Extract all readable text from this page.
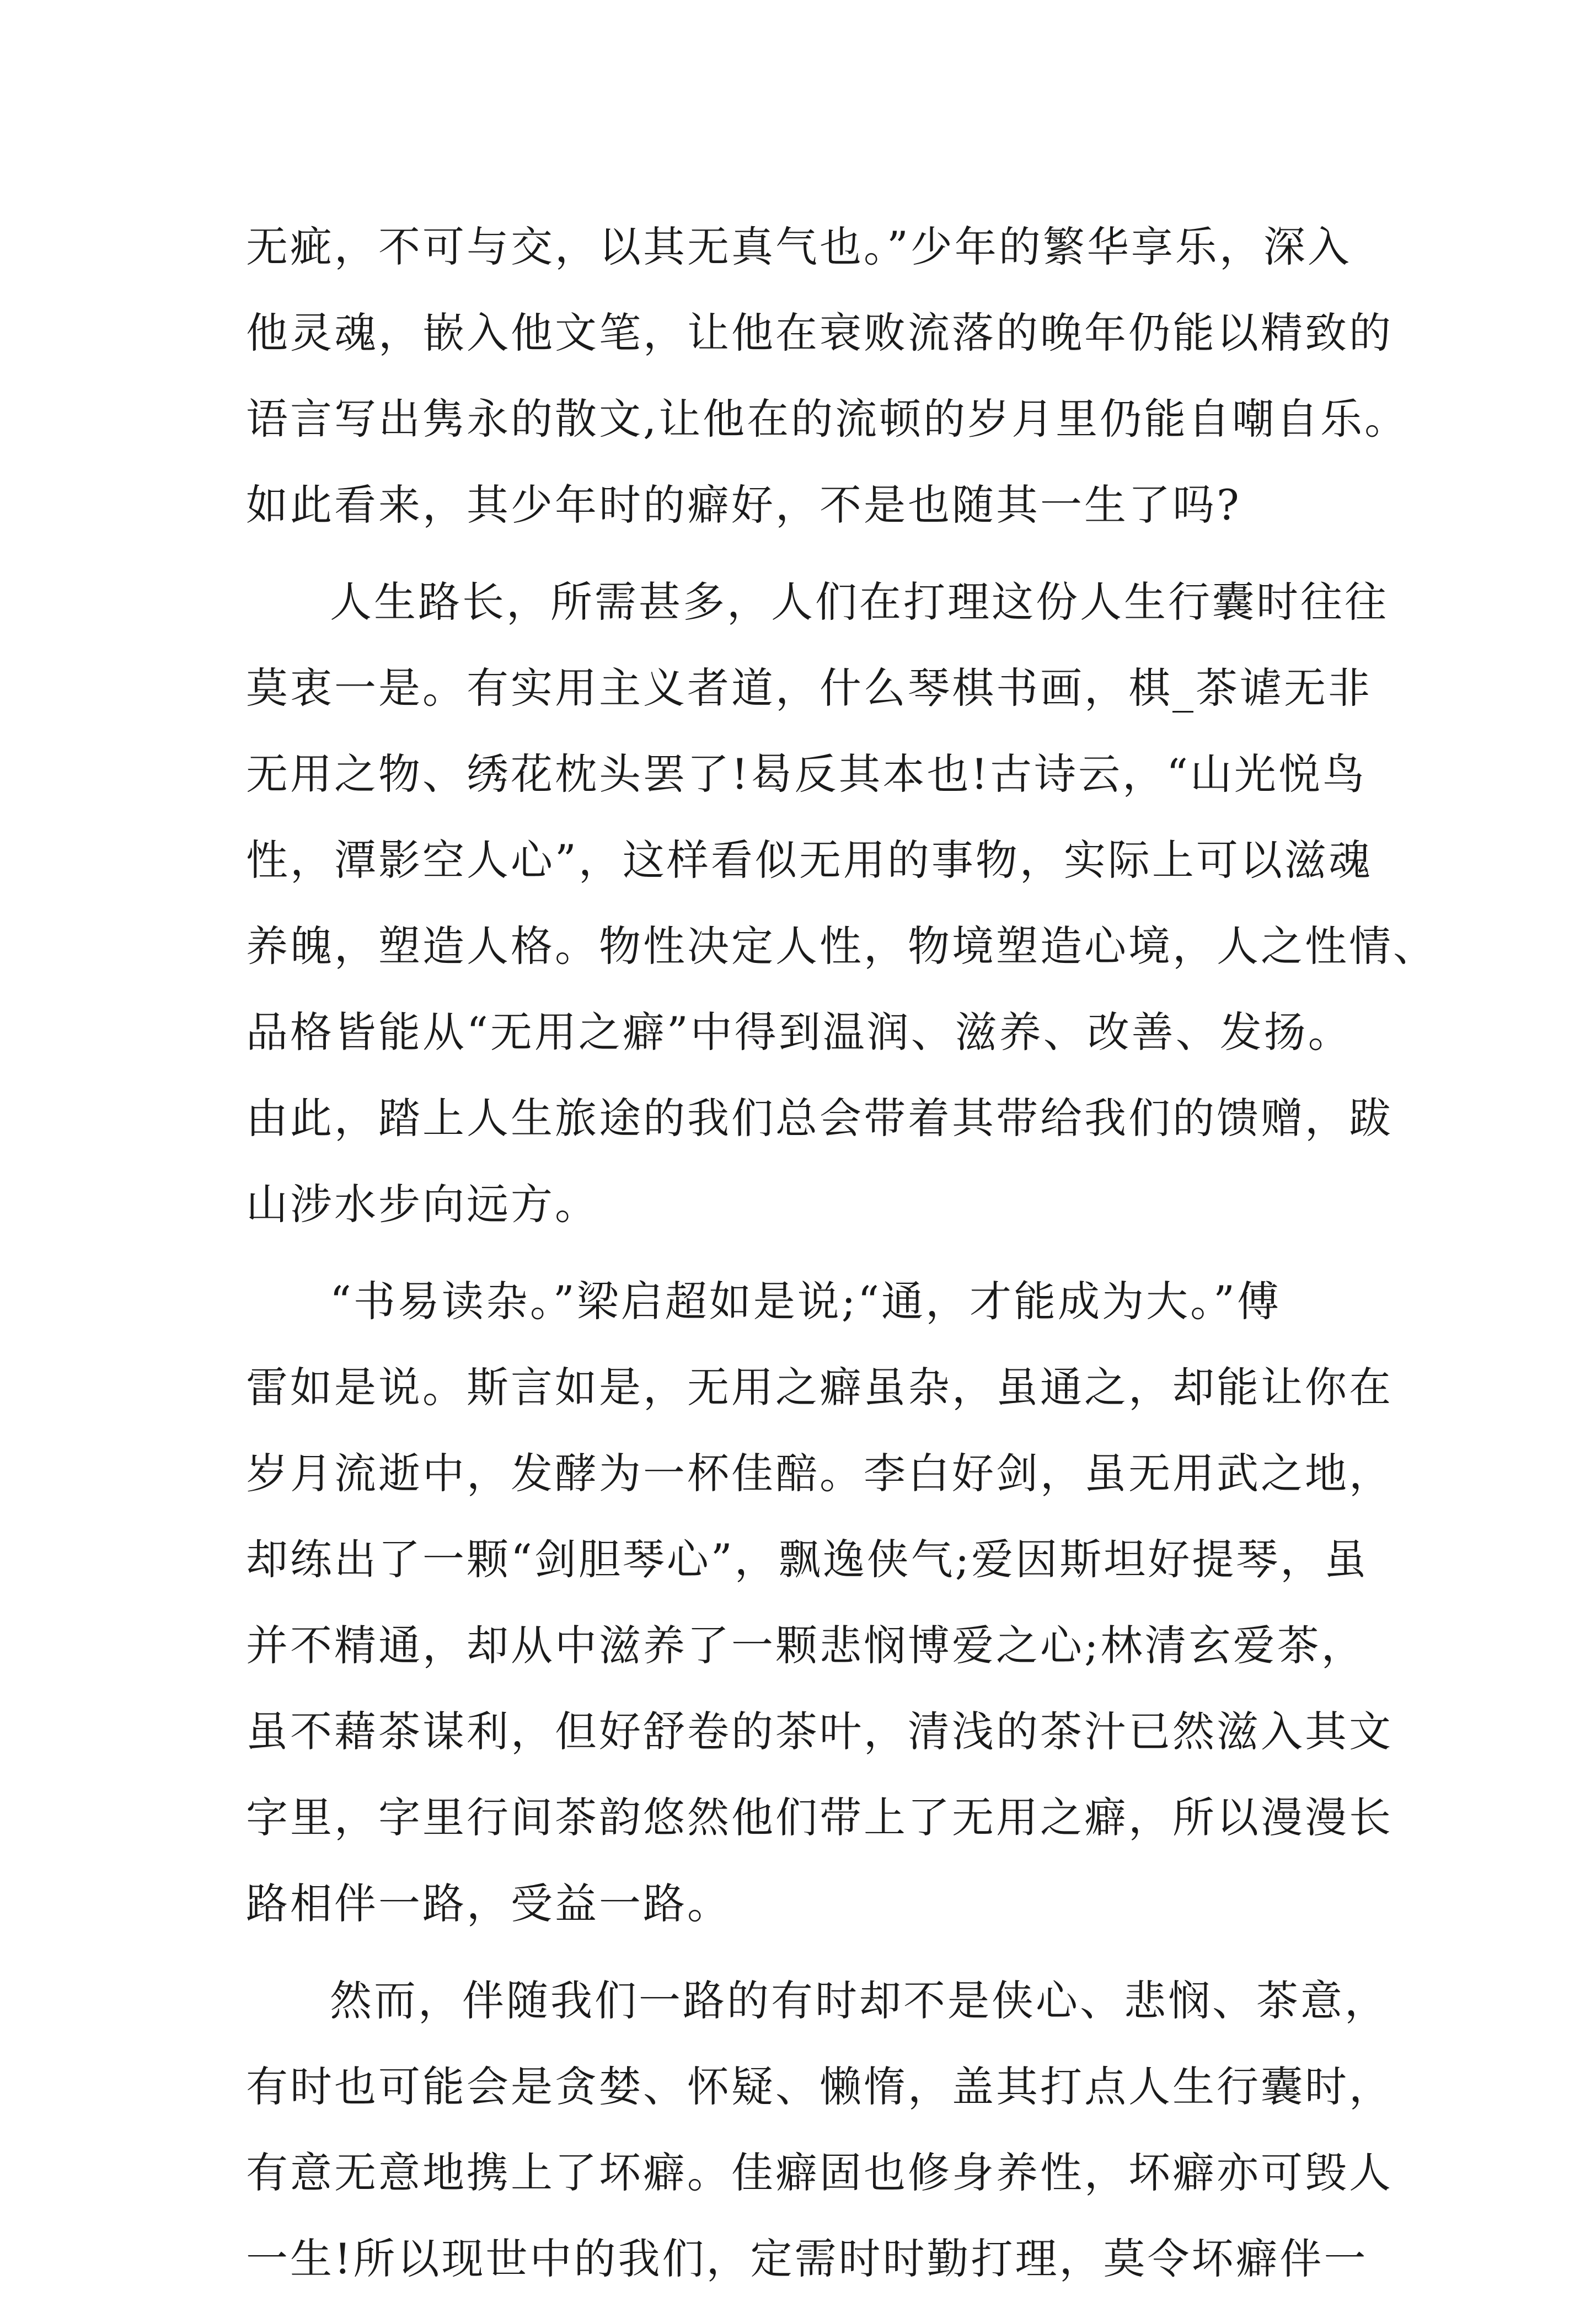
无疵，不可与交，以其无真气也。”少年的繁华享乐，深入
他灵魂，嵌入他文笔，让他在衰败流落的晚年仍能以精致的
语言写出隽永的散文,让他在的流顿的岁月里仍能自嘲自乐。
如此看来，其少年时的癖好，不是也随其一生了吗?
人生路长，所需甚多，人们在打理这份人生行囊时往往
莫衷一是。有实用主义者道，什么琴棋书画，棋_茶谑无非
无用之物、绣花枕头罢了!曷反其本也!古诗云，“山光悦鸟
性，潭影空人心”，这样看似无用的事物，实际上可以滋魂
养魄，塑造人格。物性决定人性，物境塑造心境，人之性情、
品格皆能从“无用之癖”中得到温润、滋养、改善、发扬。
由此，踏上人生旅途的我们总会带着其带给我们的馈赠，跋
山涉水步向远方。
“书易读杂。”梁启超如是说;“通，才能成为大。”傅
雷如是说。斯言如是，无用之癖虽杂，虽通之，却能让你在
岁月流逝中，发酵为一杯佳醅。李白好剑，虽无用武之地，
却练出了一颗“剑胆琴心”，飘逸侠气;爱因斯坦好提琴，虽
并不精通，却从中滋养了一颗悲悯博爱之心;林清玄爱茶，
虽不藉茶谋利，但好舒卷的茶叶，清浅的茶汁已然滋入其文
字里，字里行间茶韵悠然他们带上了无用之癖，所以漫漫长
路相伴一路，受益一路。
然而，伴随我们一路的有时却不是侠心、悲悯、茶意，
有时也可能会是贪婪、怀疑、懒惰，盖其打点人生行囊时，
有意无意地携上了坏癖。佳癖固也修身养性，坏癖亦可毁人
一生!所以现世中的我们，定需时时勤打理，莫令坏癖伴一
